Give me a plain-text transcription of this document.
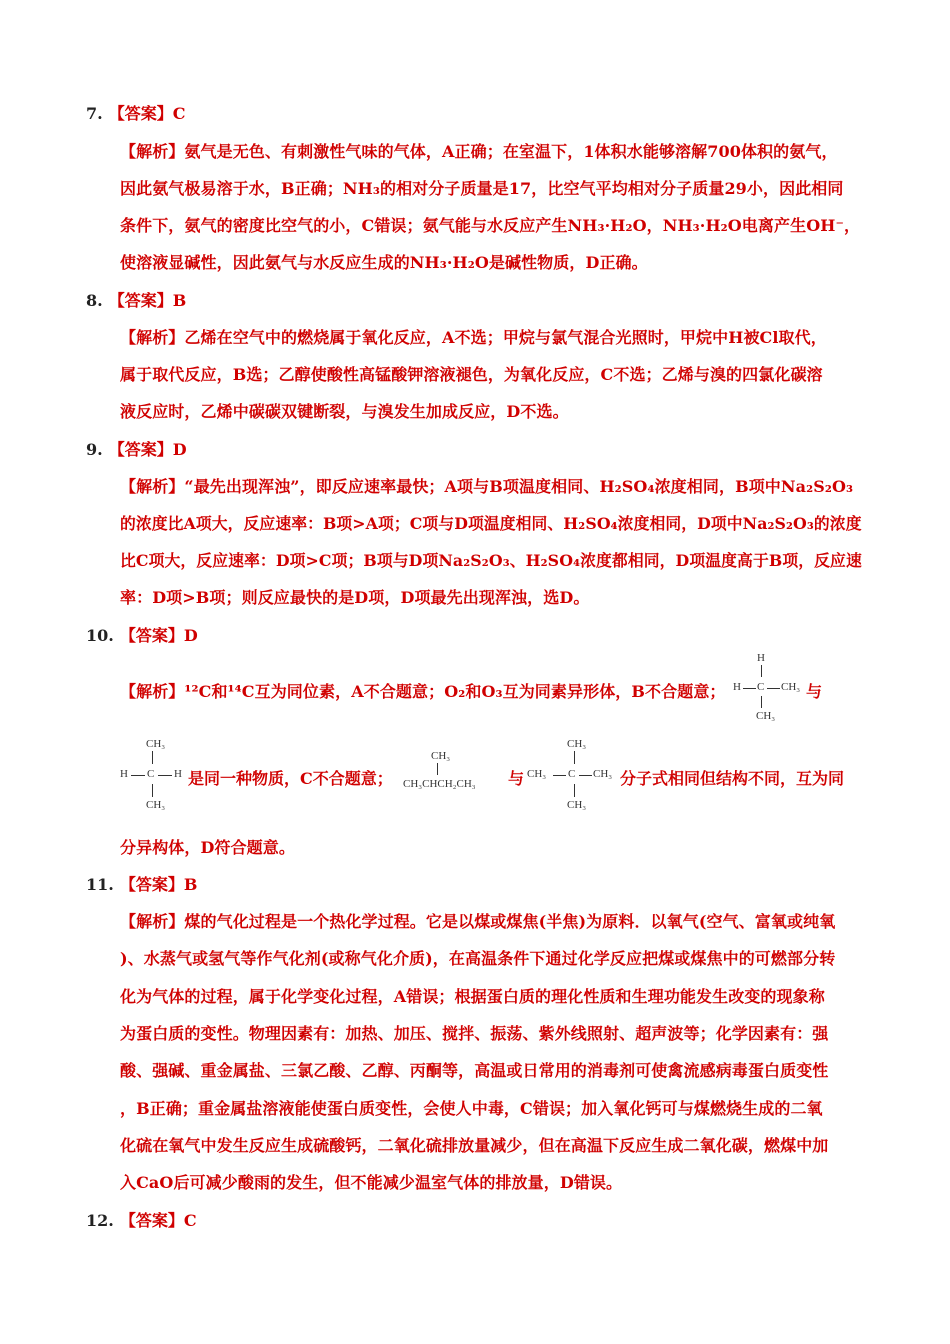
7. 【答案】C
【解析】氨气是无色、有刺激性气味的气体，A正确；在室温下，1体积水能够溶解700体积的氨气，
因此氨气极易溶于水，B正确；NH₃的相对分子质量是17，比空气平均相对分子质量29小，因此相同
条件下，氨气的密度比空气的小，C错误；氨气能与水反应产生NH₃·H₂O，NH₃·H₂O电离产生OH⁻，
使溶液显碱性，因此氨气与水反应生成的NH₃·H₂O是碱性物质，D正确。
8. 【答案】B
【解析】乙烯在空气中的燃烧属于氧化反应，A不选；甲烷与氯气混合光照时，甲烷中H被Cl取代，
属于取代反应，B选；乙醇使酸性高锰酸钾溶液褪色，为氧化反应，C不选；乙烯与溴的四氯化碳溶
液反应时，乙烯中碳碳双键断裂，与溴发生加成反应，D不选。
9. 【答案】D
【解析】“最先出现浑浊”，即反应速率最快；A项与B项温度相同、H₂SO₄浓度相同，B项中Na₂S₂O₃
的浓度比A项大，反应速率：B项>A项；C项与D项温度相同、H₂SO₄浓度相同，D项中Na₂S₂O₃的浓度
比C项大，反应速率：D项>C项；B项与D项Na₂S₂O₃、H₂SO₄浓度都相同，D项温度高于B项，反应速
率：D项>B项；则反应最快的是D项，D项最先出现浑浊，选D。
10. 【答案】D
【解析】¹²C和¹⁴C互为同位素，A不合题意；O₂和O₃互为同素异形体，B不合题意；
H
H C CH₃
CH₃
与
CH₃
H C H
CH₃
是同一种物质，C不合题意；
CH₃
CH₃CHCH₂CH₃ 与
CH₃
CH₃ C CH₃
CH₃
分子式相同但结构不同，互为同
分异构体，D符合题意。
11. 【答案】B
【解析】煤的气化过程是一个热化学过程。它是以煤或煤焦(半焦)为原料．以氧气(空气、富氧或纯氧
)、水蒸气或氢气等作气化剂(或称气化介质)，在高温条件下通过化学反应把煤或煤焦中的可燃部分转
化为气体的过程，属于化学变化过程，A错误；根据蛋白质的理化性质和生理功能发生改变的现象称
为蛋白质的变性。物理因素有：加热、加压、搅拌、振荡、紫外线照射、超声波等；化学因素有：强
酸、强碱、重金属盐、三氯乙酸、乙醇、丙酮等，高温或日常用的消毒剂可使禽流感病毒蛋白质变性
，B正确；重金属盐溶液能使蛋白质变性，会使人中毒，C错误；加入氧化钙可与煤燃烧生成的二氧
化硫在氧气中发生反应生成硫酸钙，二氧化硫排放量减少，但在高温下反应生成二氧化碳，燃煤中加
入CaO后可减少酸雨的发生，但不能减少温室气体的排放量，D错误。
12. 【答案】C
